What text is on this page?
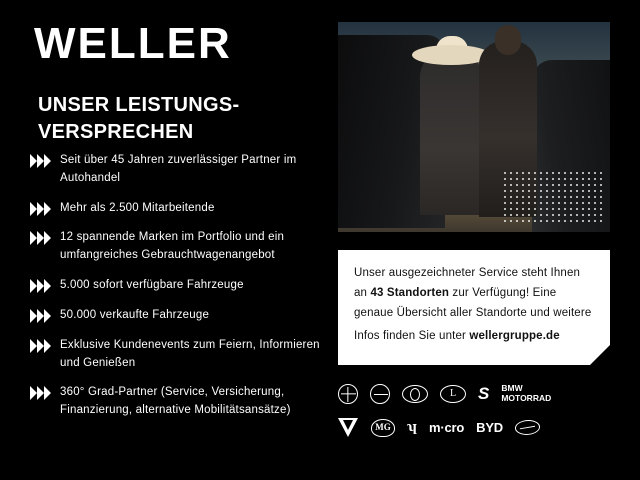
WELLER
UNSER LEISTUNGS-
VERSPRECHEN
Seit über 45 Jahren zuverlässiger Partner im Autohandel
Mehr als 2.500 Mitarbeitende
12 spannende Marken im Portfolio und ein umfangreiches Gebrauchtwagenangebot
5.000 sofort verfügbare Fahrzeuge
50.000 verkaufte Fahrzeuge
Exklusive Kundenevents zum Feiern, Informieren und Genießen
360° Grad-Partner (Service, Versicherung, Finanzierung, alternative Mobilitätsansätze)
Unser ausgezeichneter Service steht Ihnen an 43 Standorten zur Verfügung! Eine genaue Übersicht aller Standorte und weitere Infos finden Sie unter wellergruppe.de
L	S BMW
MOTORRAD
MG ʮ m·cro BYD
